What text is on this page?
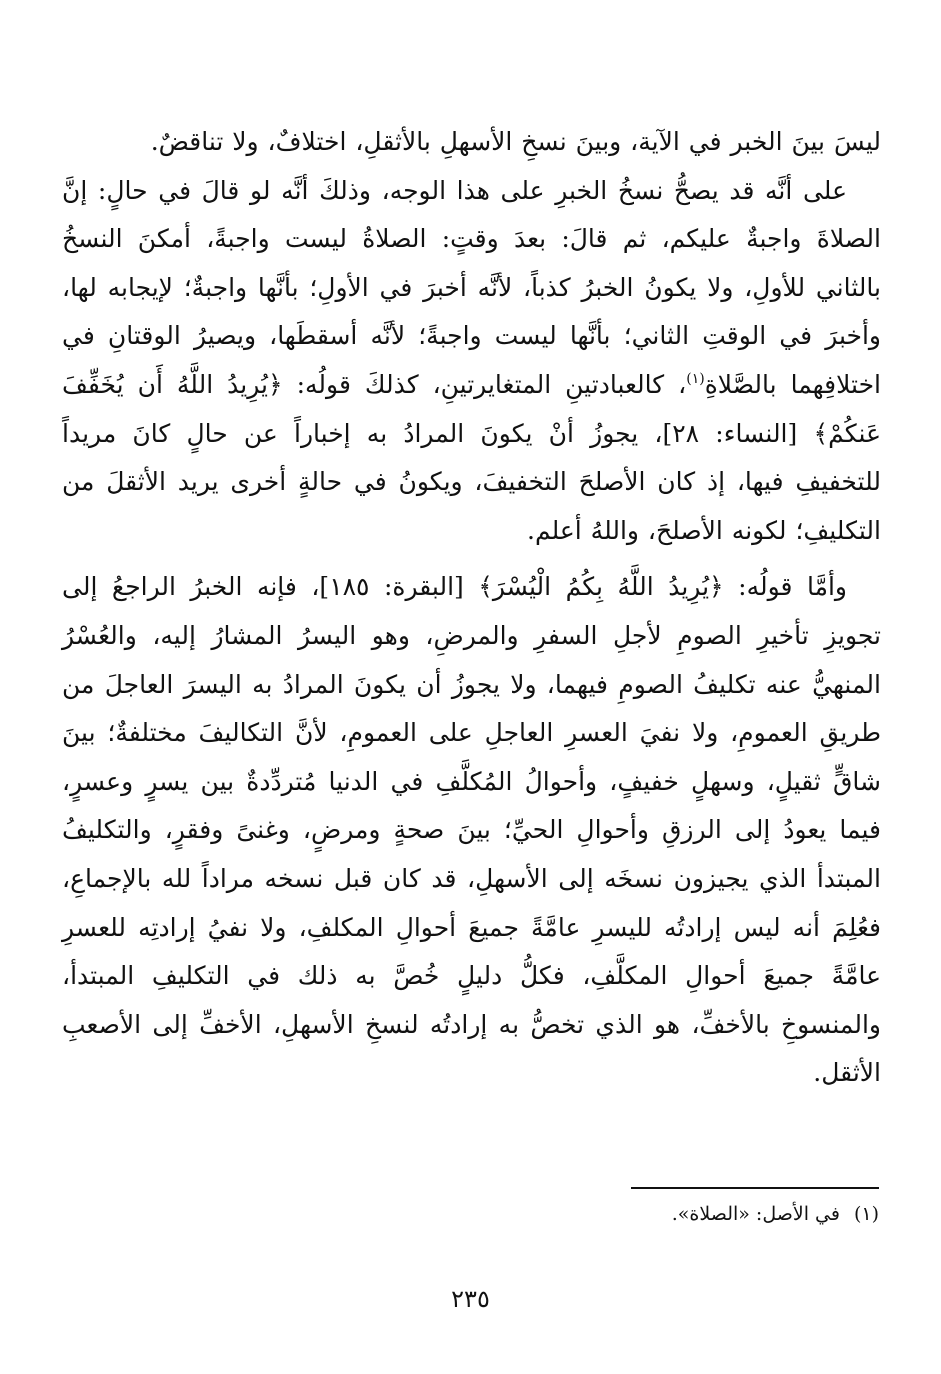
ليسَ بينَ الخبر في الآية، وبينَ نسخِ الأسهلِ بالأثقلِ، اختلافٌ، ولا تناقضٌ.

على أنَّه قد يصحُّ نسخُ الخبرِ على هذا الوجه، وذلكَ أنَّه لو قالَ في حالٍ: إنَّ الصلاةَ واجبةٌ عليكم، ثم قالَ: بعدَ وقتٍ: الصلاةُ ليست واجبةً، أمكنَ النسخُ بالثاني للأولِ، ولا يكونُ الخبرُ كذباً، لأنَّه أخبرَ في الأولِ؛ بأنَّها واجبةٌ؛ لإيجابه لها، وأخبرَ في الوقتِ الثاني؛ بأنَّها ليست واجبةً؛ لأنَّه أسقطَها، ويصيرُ الوقتانِ في اختلافِهما بالصَّلاةِ$^{(١)}$، كالعبادتينِ المتغايرتينِ، كذلكَ قولُه: ﴿يُرِيدُ اللَّهُ أَن يُخَفِّفَ عَنكُمْ﴾ [النساء: ٢٨]، يجوزُ أنْ يكونَ المرادُ به إخباراً عن حالٍ كانَ مريداً للتخفيفِ فيها، إذ كان الأصلحَ التخفيفَ، ويكونُ في حالةٍ أخرى يريد الأثقلَ من التكليفِ؛ لكونه الأصلحَ، واللهُ أعلم.

وأمَّا قولُه: ﴿يُرِيدُ اللَّهُ بِكُمُ الْيُسْرَ﴾ [البقرة: ١٨٥]، فإنه الخبرُ الراجعُ إلى تجويزِ تأخيرِ الصومِ لأجلِ السفرِ والمرضِ، وهو اليسرُ المشارُ إليه، والعُسْرُ المنهيُّ عنه تكليفُ الصومِ فيهما، ولا يجوزُ أن يكونَ المرادُ به اليسرَ العاجلَ من طريقِ العمومِ، ولا نفيَ العسرِ العاجلِ على العمومِ، لأنَّ التكاليفَ مختلفةٌ؛ بينَ شاقٍّ ثقيلٍ، وسهلٍ خفيفٍ، وأحوالُ المُكلَّفِ في الدنيا مُتردِّدةٌ بين يسرٍ وعسرٍ، فيما يعودُ إلى الرزقِ وأحوالِ الحيِّ؛ بينَ صحةٍ ومرضٍ، وغنىً وفقرٍ، والتكليفُ المبتدأ الذي يجيزون نسخَه إلى الأسهلِ، قد كان قبل نسخه مراداً لله بالإجماعِ، فعُلِمَ أنه ليس إرادتُه لليسرِ عامَّةً جميعَ أحوالِ المكلفِ، ولا نفيُ إرادتِه للعسرِ عامَّةً جميعَ أحوالِ المكلَّفِ، فكلُّ دليلٍ خُصَّ به ذلك في التكليفِ المبتدأ، والمنسوخِ بالأخفِّ، هو الذي تخصُّ به إرادتُه لنسخِ الأسهلِ، الأخفِّ إلى الأصعبِ الأثقل.

(١)في الأصل: «الصلاة».
٢٣٥
